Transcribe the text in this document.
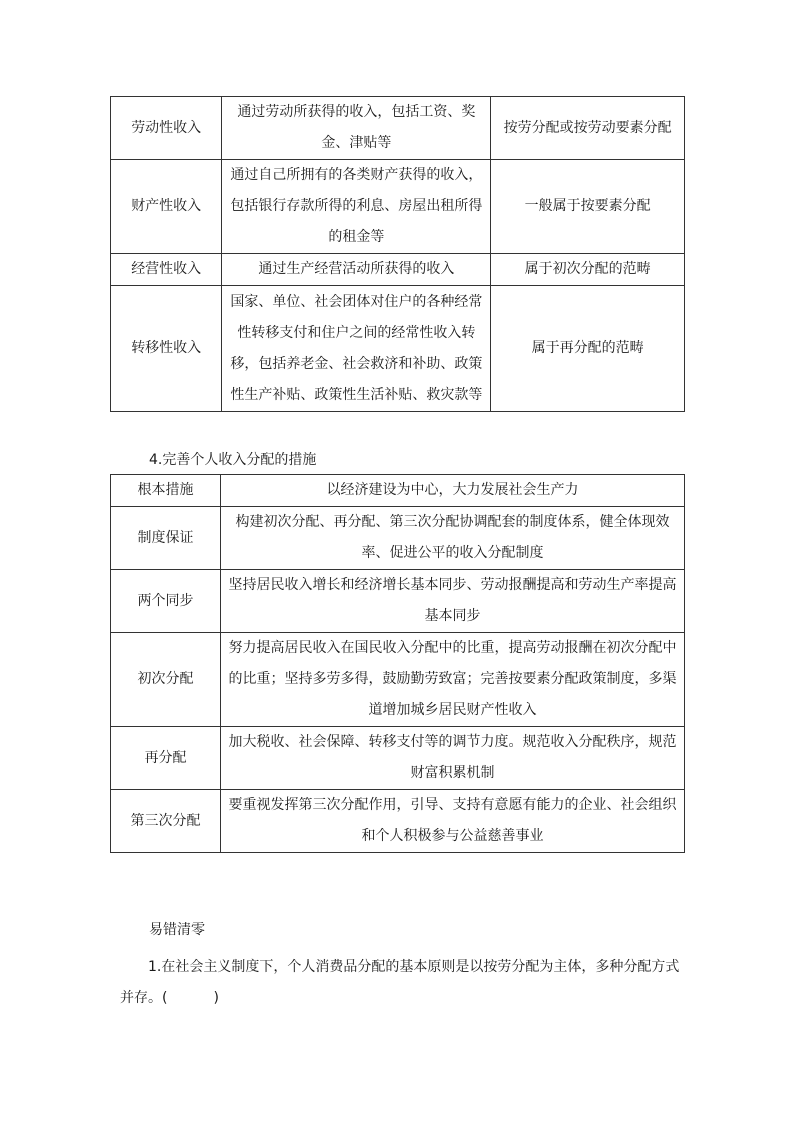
劳动性收入	通过劳动所获得的收入，包括工资、奖金、津贴等	按劳分配或按劳动要素分配
财产性收入	通过自己所拥有的各类财产获得的收入，包括银行存款所得的利息、房屋出租所得的租金等	一般属于按要素分配
经营性收入	通过生产经营活动所获得的收入	属于初次分配的范畴
转移性收入	国家、单位、社会团体对住户的各种经常性转移支付和住户之间的经常性收入转移，包括养老金、社会救济和补助、政策性生产补贴、政策性生活补贴、救灾款等	属于再分配的范畴
4.完善个人收入分配的措施
根本措施	以经济建设为中心，大力发展社会生产力
制度保证	构建初次分配、再分配、第三次分配协调配套的制度体系，健全体现效率、促进公平的收入分配制度
两个同步	坚持居民收入增长和经济增长基本同步、劳动报酬提高和劳动生产率提高基本同步
初次分配	努力提高居民收入在国民收入分配中的比重，提高劳动报酬在初次分配中的比重；坚持多劳多得，鼓励勤劳致富；完善按要素分配政策制度，多渠道增加城乡居民财产性收入
再分配	加大税收、社会保障、转移支付等的调节力度。规范收入分配秩序，规范财富积累机制
第三次分配	要重视发挥第三次分配作用，引导、支持有意愿有能力的企业、社会组织和个人积极参与公益慈善事业
易错清零
1.在社会主义制度下，个人消费品分配的基本原则是以按劳分配为主体，多种分配方式并存。(	)
